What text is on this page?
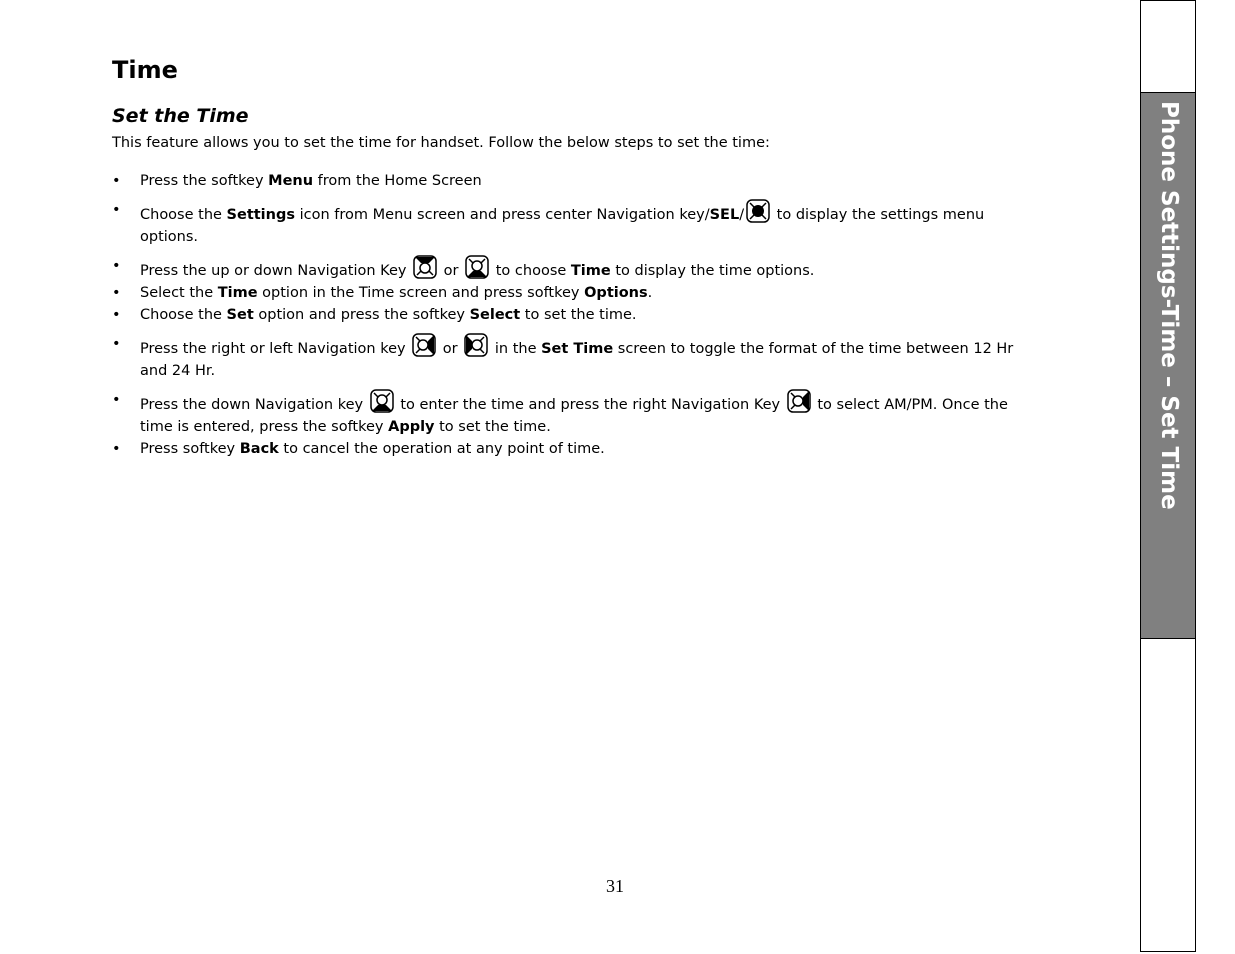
Time
Set the Time

This feature allows you to set the time for handset. Follow the below steps to set the time:

• Press the softkey Menu from the Home Screen
• Choose the Settings icon from Menu screen and press center Navigation key/SEL/ to display the settings menu options.
• Press the up or down Navigation Key  or  to choose Time to display the time options.
• Select the Time option in the Time screen and press softkey Options.
• Choose the Set option and press the softkey Select to set the time.
• Press the right or left Navigation key  or  in the Set Time screen to toggle the format of the time between 12 Hr and 24 Hr.
• Press the down Navigation key  to enter the time and press the right Navigation Key  to select AM/PM. Once the time is entered, press the softkey Apply to set the time.
• Press softkey Back to cancel the operation at any point of time.
31
Phone Settings-Time – Set Time
